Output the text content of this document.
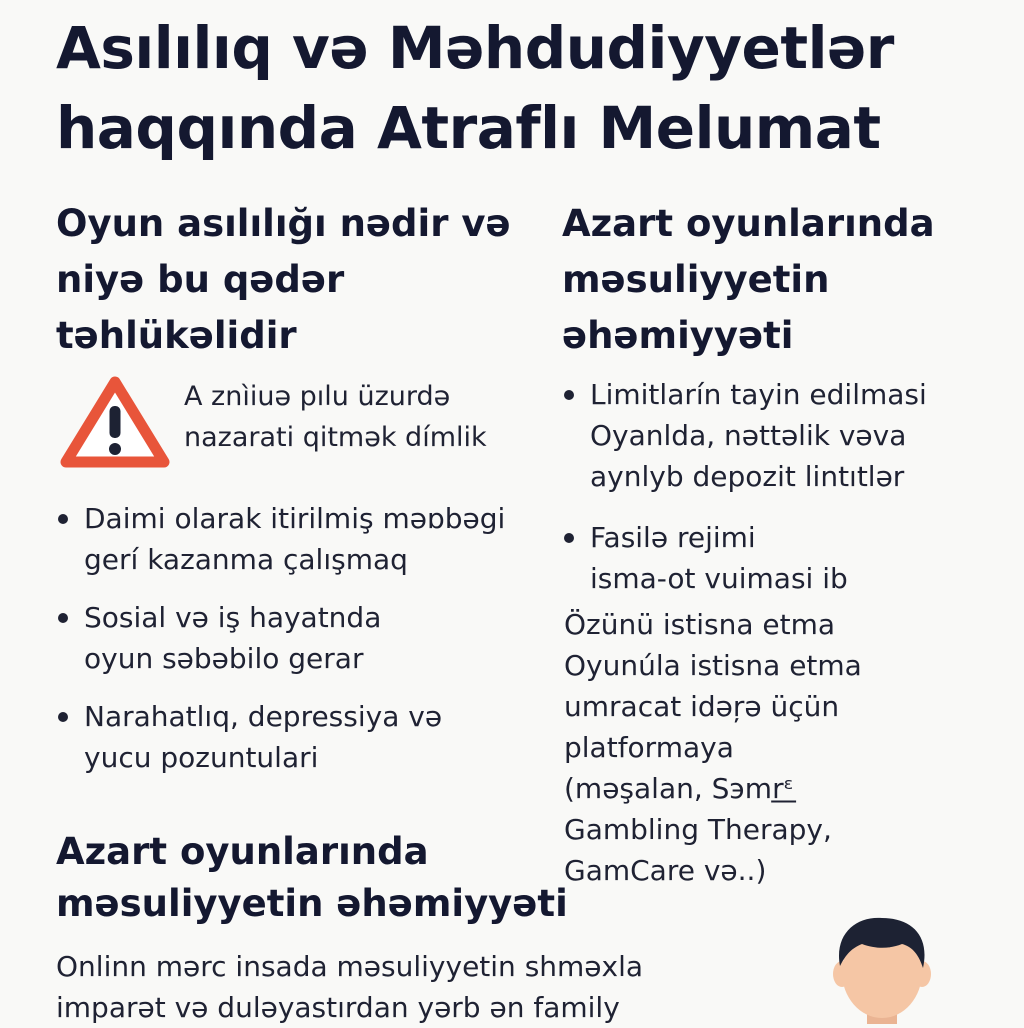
Asılılıq və Məhdudiyyetlər
haqqında Atraflı Melumat
Oyun asılılığı nədir və niyə bu qədər təhlükəlidir
A znìiuə pılu üzurdə
nazarati qitmək dı́mlik
Daimi olarak itirilmiş məɒbəgi
gerí kazanma çalışmaq
Sosial və iş hayatnda
oyun səbəbilo gerar
Narahatlıq, depressiya və
yucu pozuntulari
Azart oyunlarında məsuliyyetin əhəmiyyəti
Limitlarín tayin edilmasi
Oyanlda, nəttəlik vəva
aynlyb depozit lintıtlər
Fasilə rejimi
isma-ot vuimasi ib
Özünü istisna etma
Oyunúla istisna etma
umracat idəŗə üçün
platformaya
(məşalan, Sэmr͟ᵋ
Gambling Therapy,
GamCare və..)
Azart oyunlarında məsuliyyetin əhəmiyyəti
Onlinn mərc insada məsuliyyetin shməxla
imparət və duləyastırdan yərb ən family
